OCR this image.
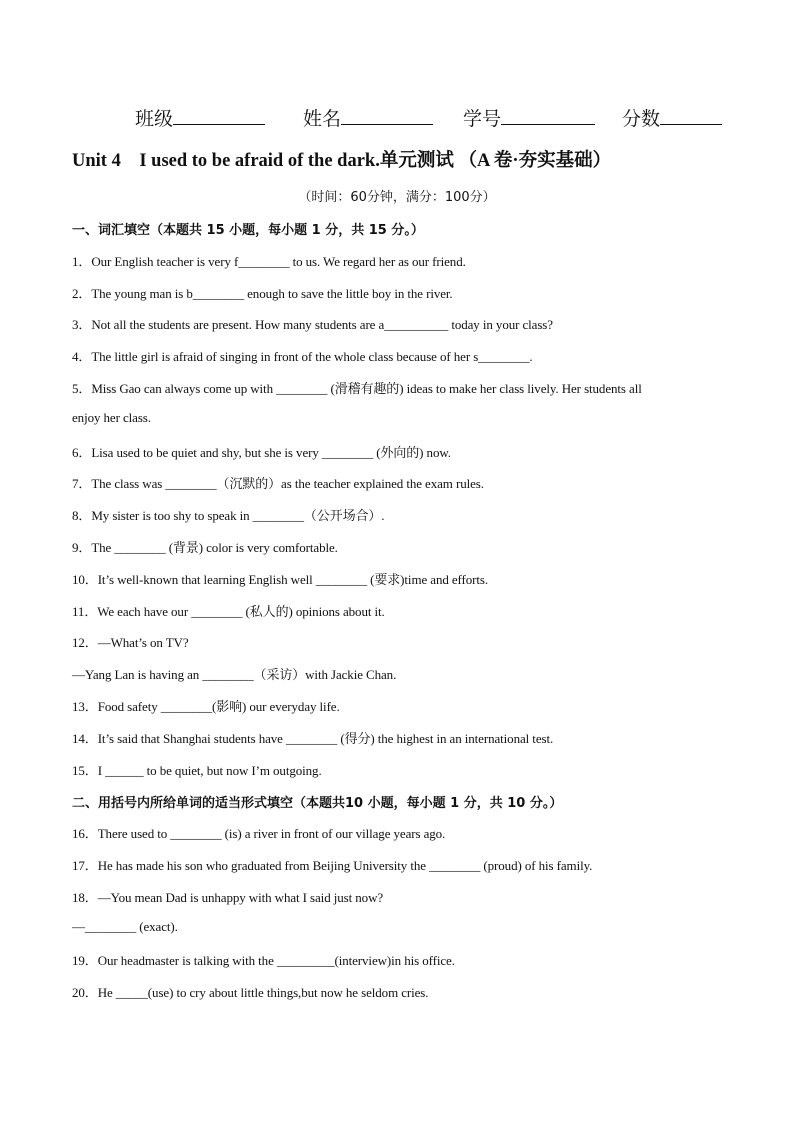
班级	姓名	学号	分数
Unit 4　I used to be afraid of the dark.单元测试 （A 卷·夯实基础）
（时间：60分钟，满分：100分）
一、词汇填空（本题共 15 小题，每小题 1 分，共 15 分。）
1．Our English teacher is very f________ to us. We regard her as our friend.
2．The young man is b________ enough to save the little boy in the river.
3．Not all the students are present. How many students are a__________ today in your class?
4．The little girl is afraid of singing in front of the whole class because of her s________.
5．Miss Gao can always come up with ________ (滑稽有趣的) ideas to make her class lively. Her students all
enjoy her class.
6．Lisa used to be quiet and shy, but she is very ________ (外向的) now.
7．The class was ________（沉默的）as the teacher explained the exam rules.
8．My sister is too shy to speak in ________（公开场合）.
9．The ________ (背景) color is very comfortable.
10．It’s well-known that learning English well ________ (要求)time and efforts.
11．We each have our ________ (私人的) opinions about it.
12．—What’s on TV?
—Yang Lan is having an ________（采访）with Jackie Chan.
13．Food safety ________(影响) our everyday life.
14．It’s said that Shanghai students have ________ (得分) the highest in an international test.
15．I ______ to be quiet, but now I’m outgoing.
二、用括号内所给单词的适当形式填空（本题共10 小题，每小题 1 分，共 10 分。）
16．There used to ________ (is) a river in front of our village years ago.
17．He has made his son who graduated from Beijing University the ________ (proud) of his family.
18．—You mean Dad is unhappy with what I said just now?
—________ (exact).
19．Our headmaster is talking with the _________(interview)in his office.
20．He _____(use) to cry about little things,but now he seldom cries.
